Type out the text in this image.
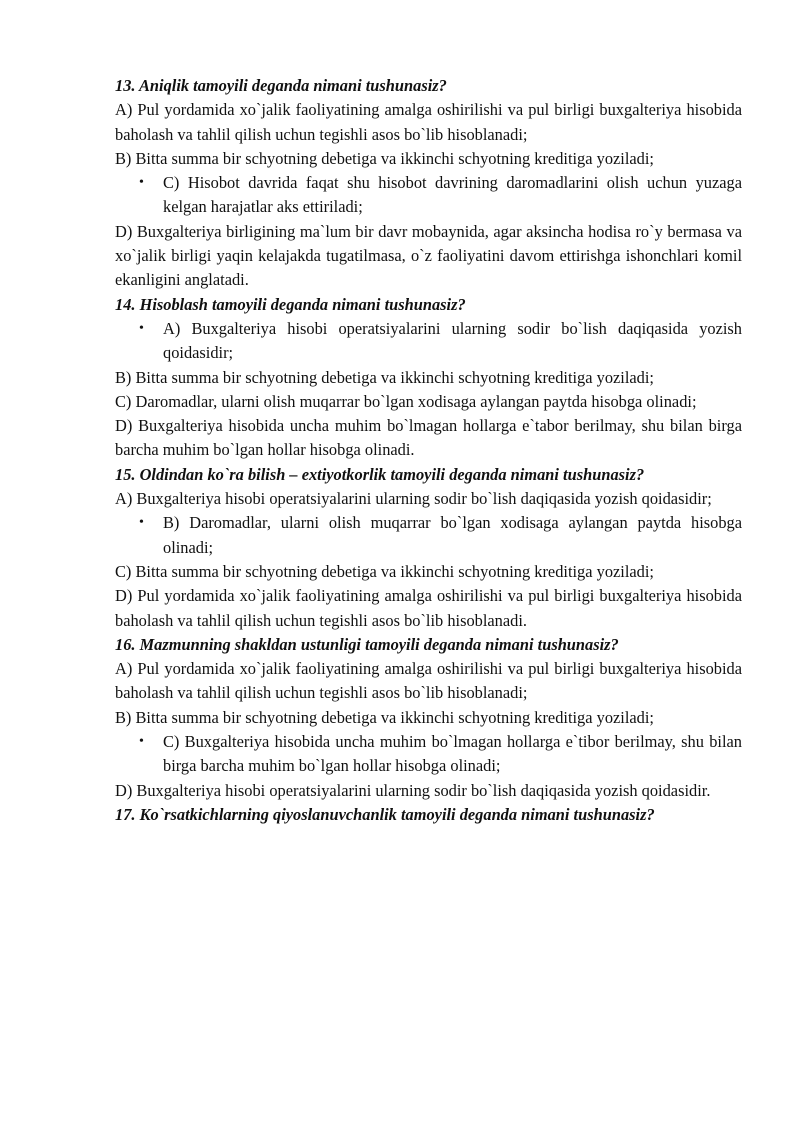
13. Aniqlik tamoyili deganda nimani tushunasiz?

A) Pul yordamida xo`jalik faoliyatining amalga oshirilishi va pul birligi buxgalteriya hisobida baholash va tahlil qilish uchun tegishli asos bo`lib hisoblanadi;

B) Bitta summa bir schyotning debetiga va ikkinchi schyotning kreditiga yoziladi;

• C) Hisobot davrida faqat shu hisobot davrining daromadlarini olish uchun yuzaga kelgan harajatlar aks ettiriladi;

D) Buxgalteriya birligining ma`lum bir davr mobaynida, agar aksincha hodisa ro`y bermasa va xo`jalik birligi yaqin kelajakda tugatilmasa, o`z faoliyatini davom ettirishga ishonchlari komil ekanligini anglatadi.

14. Hisoblash tamoyili deganda nimani tushunasiz?

• A) Buxgalteriya hisobi operatsiyalarini ularning sodir bo`lish daqiqasida yozish qoidasidir;

B) Bitta summa bir schyotning debetiga va ikkinchi schyotning kreditiga yoziladi;

C) Daromadlar, ularni olish muqarrar bo`lgan xodisaga aylangan paytda hisobga olinadi;

D) Buxgalteriya hisobida uncha muhim bo`lmagan hollarga e`tabor berilmay, shu bilan birga barcha muhim bo`lgan hollar hisobga olinadi.

15. Oldindan ko`ra bilish – extiyotkorlik tamoyili deganda nimani tushunasiz?

A) Buxgalteriya hisobi operatsiyalarini ularning sodir bo`lish daqiqasida yozish qoidasidir;

• B) Daromadlar, ularni olish muqarrar bo`lgan xodisaga aylangan paytda hisobga olinadi;

C) Bitta summa bir schyotning debetiga va ikkinchi schyotning kreditiga yoziladi;

D) Pul yordamida xo`jalik faoliyatining amalga oshirilishi va pul birligi buxgalteriya hisobida baholash va tahlil qilish uchun tegishli asos bo`lib hisoblanadi.

16. Mazmunning shakldan ustunligi tamoyili deganda nimani tushunasiz?

A) Pul yordamida xo`jalik faoliyatining amalga oshirilishi va pul birligi buxgalteriya hisobida baholash va tahlil qilish uchun tegishli asos bo`lib hisoblanadi;

B) Bitta summa bir schyotning debetiga va ikkinchi schyotning kreditiga yoziladi;

• C) Buxgalteriya hisobida uncha muhim bo`lmagan hollarga e`tibor berilmay, shu bilan birga barcha muhim bo`lgan hollar hisobga olinadi;

D) Buxgalteriya hisobi operatsiyalarini ularning sodir bo`lish daqiqasida yozish qoidasidir.

17. Ko`rsatkichlarning qiyoslanuvchanlik tamoyili deganda nimani tushunasiz?
